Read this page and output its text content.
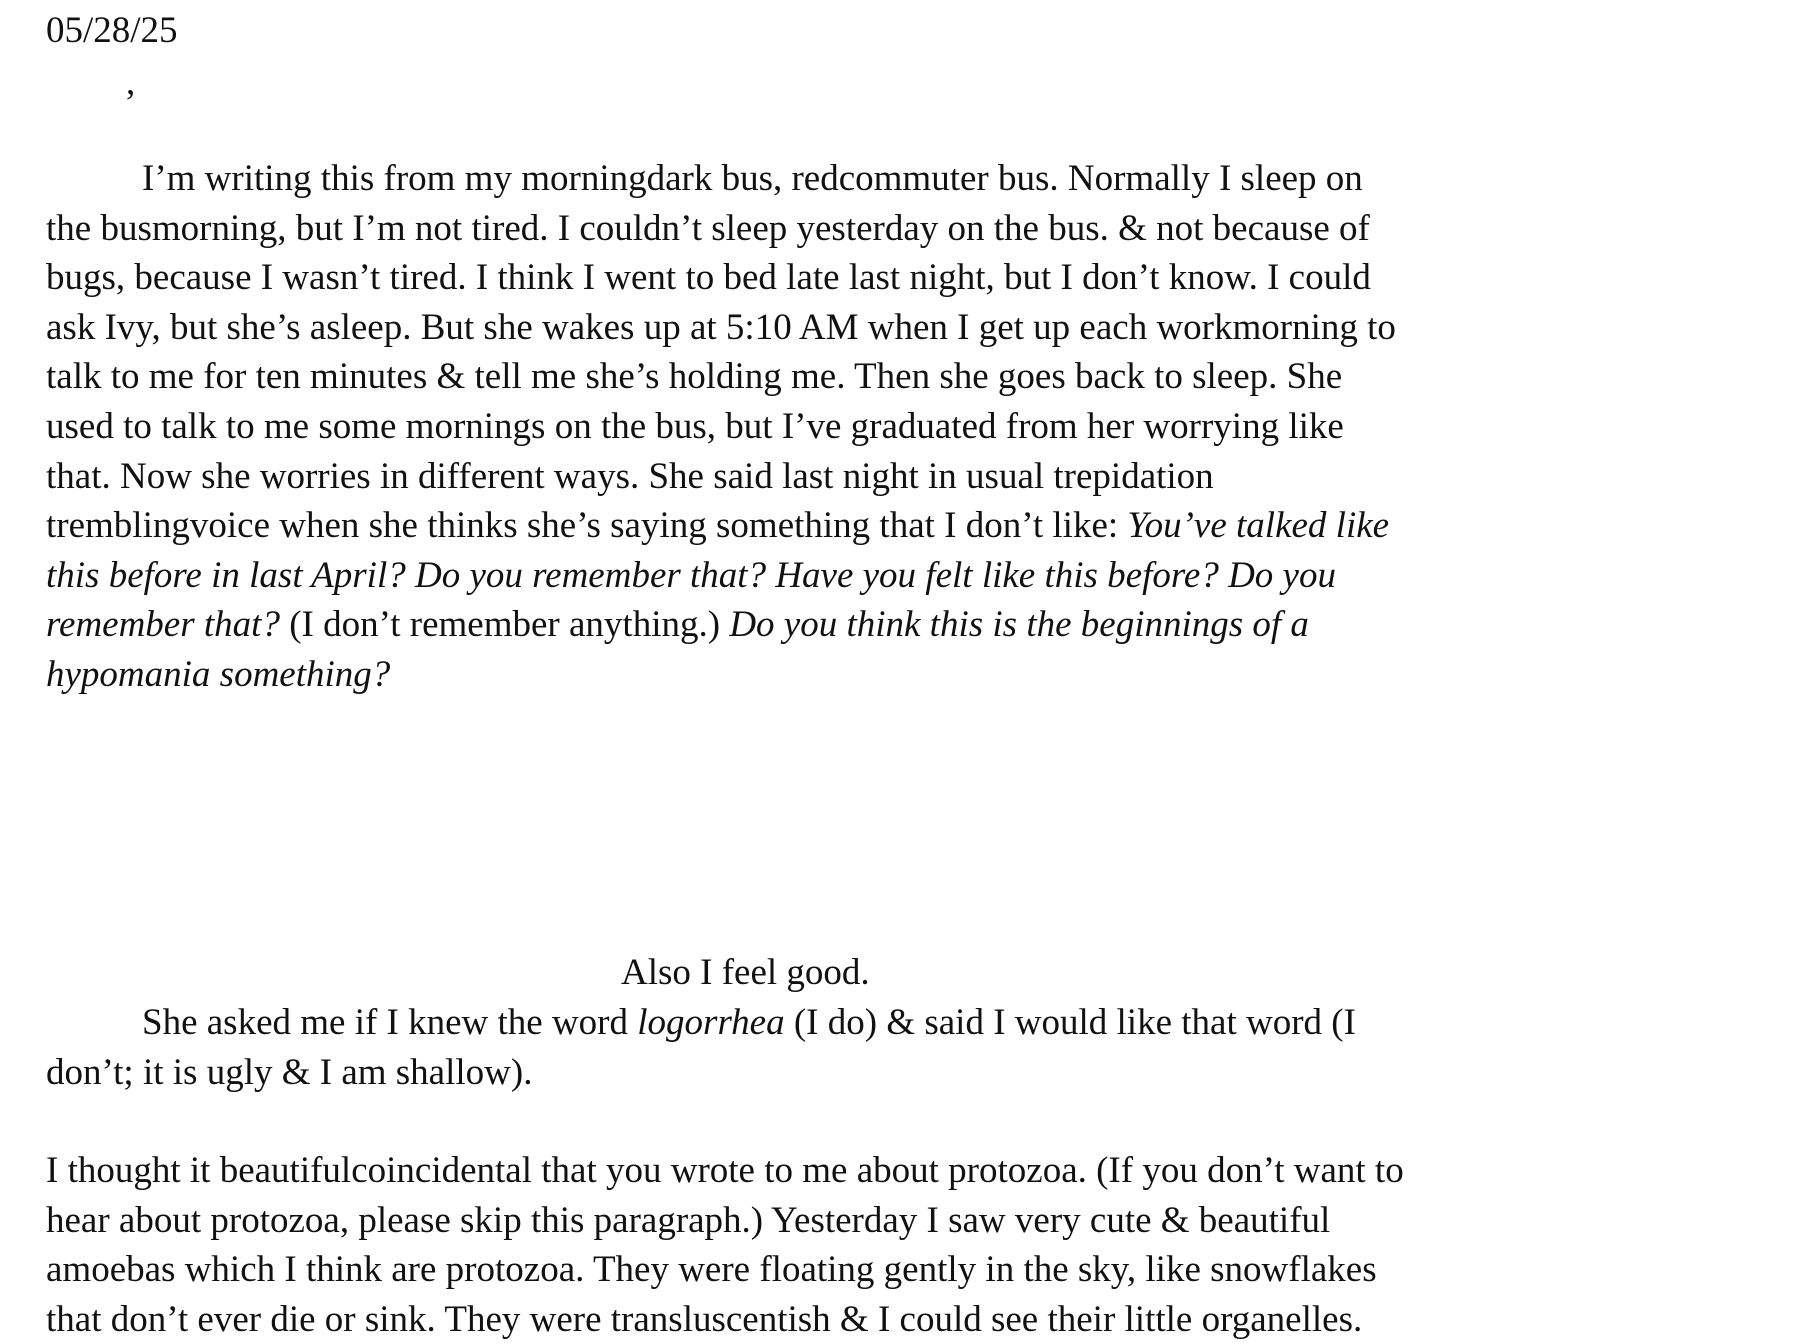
05/28/25
,
I’m writing this from my morningdark bus, redcommuter bus. Normally I sleep on
the busmorning, but I’m not tired. I couldn’t sleep yesterday on the bus. & not because of
bugs, because I wasn’t tired. I think I went to bed late last night, but I don’t know. I could
ask Ivy, but she’s asleep. But she wakes up at 5:10 AM when I get up each workmorning to
talk to me for ten minutes & tell me she’s holding me. Then she goes back to sleep. She
used to talk to me some mornings on the bus, but I’ve graduated from her worrying like
that. Now she worries in different ways. She said last night in usual trepidation
tremblingvoice when she thinks she’s saying something that I don’t like: You’ve talked like
this before in last April? Do you remember that? Have you felt like this before? Do you
remember that? (I don’t remember anything.) Do you think this is the beginnings of a
hypomania something?
Also I feel good.
She asked me if I knew the word logorrhea (I do) & said I would like that word (I
don’t; it is ugly & I am shallow).
I thought it beautifulcoincidental that you wrote to me about protozoa. (If you don’t want to
hear about protozoa, please skip this paragraph.) Yesterday I saw very cute & beautiful
amoebas which I think are protozoa. They were floating gently in the sky, like snowflakes
that don’t ever die or sink. They were transluscentish & I could see their little organelles.
